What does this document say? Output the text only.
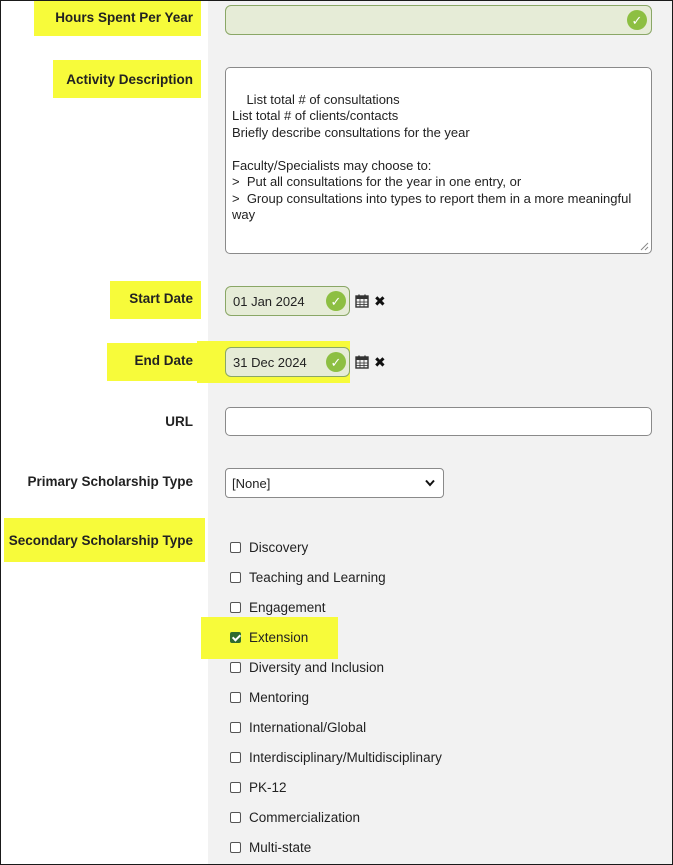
Hours Spent Per Year	✓
Activity Description

List total # of consultations
List total # of clients/contacts
Briefly describe consultations for the year

Faculty/Specialists may choose to:
>  Put all consultations for the year in one entry, or
>  Group consultations into types to report them in a more meaningful way

Start Date	01 Jan 2024	✓	✖
End Date	31 Dec 2024	✓	✖
URL
Primary Scholarship Type	[None]
Secondary Scholarship Type	Discovery
Teaching and Learning
Engagement
Extension
Diversity and Inclusion
Mentoring
International/Global
Interdisciplinary/Multidisciplinary
PK-12
Commercialization
Multi-state
